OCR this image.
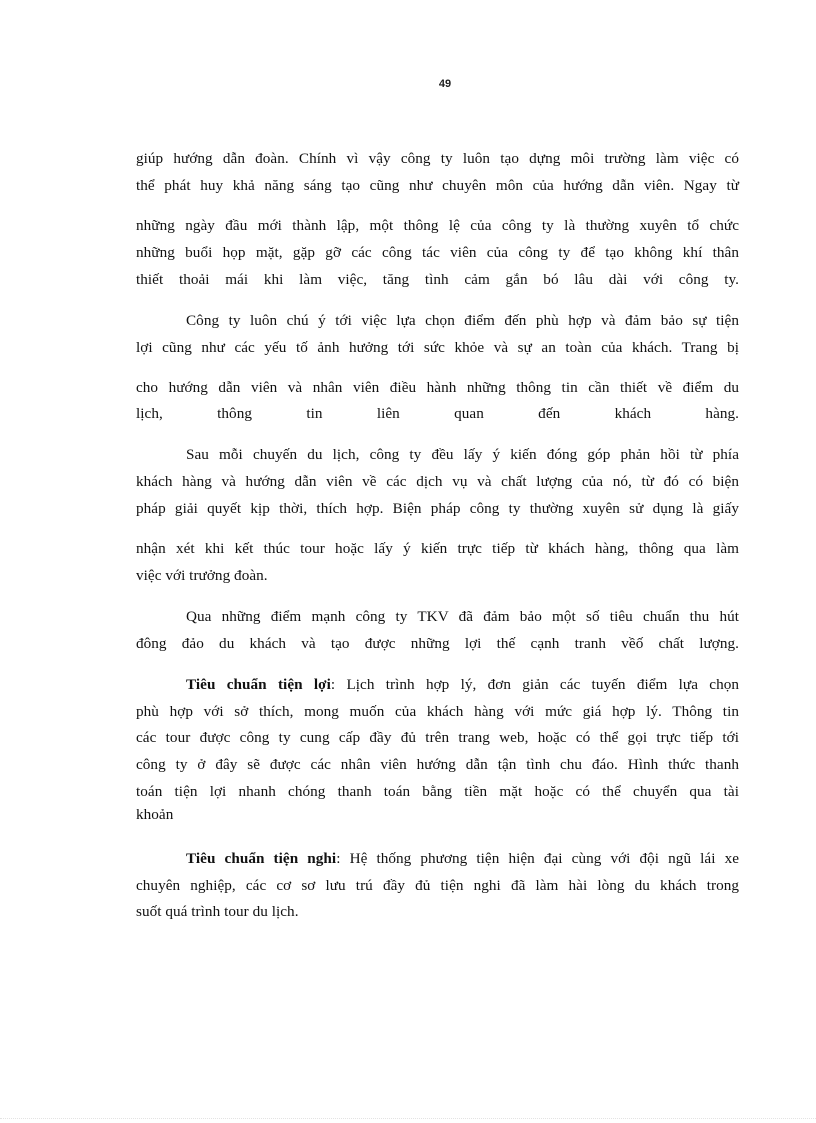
49
giúp hướng dẫn đoàn. Chính vì vậy công ty luôn tạo dựng môi trường làm việc có
thể phát huy khả năng sáng tạo cũng như chuyên môn của hướng dẫn viên. Ngay từ
những ngày đầu mới thành lập, một thông lệ của công ty là thường xuyên tổ chức
những buổi họp mặt, gặp gỡ các công tác viên của công ty để tạo không khí thân
thiết thoải mái khi làm việc, tăng tình cảm gắn bó lâu dài với công ty.
Công ty luôn chú ý tới việc lựa chọn điểm đến phù hợp và đảm bảo sự tiện
lợi cũng như các yếu tố ảnh hưởng tới sức khỏe và sự an toàn của khách. Trang bị
cho hướng dẫn viên và nhân viên điều hành những thông tin cần thiết về điểm du
lịch, thông tin liên quan đến khách hàng.
Sau mỗi chuyến du lịch, công ty đều lấy ý kiến đóng góp phản hồi từ phía
khách hàng và hướng dẫn viên về các dịch vụ và chất lượng của nó, từ đó có biện
pháp giải quyết kịp thời, thích hợp. Biện pháp công ty thường xuyên sử dụng là giấy
nhận xét khi kết thúc tour hoặc lấy ý kiến trực tiếp từ khách hàng, thông qua làm
việc với trưởng đoàn.
Qua những điểm mạnh công ty TKV đã đảm bảo một số tiêu chuẩn thu hút
đông đảo du khách và tạo được những lợi thế cạnh tranh vềố chất lượng.
Tiêu chuẩn tiện lợi: Lịch trình hợp lý, đơn giản các tuyến điểm lựa chọn
phù hợp với sở thích, mong muốn của khách hàng với mức giá hợp lý. Thông tin
các tour được công ty cung cấp đầy đủ trên trang web, hoặc có thể gọi trực tiếp tới
công ty ở đây sẽ được các nhân viên hướng dẫn tận tình chu đáo. Hình thức thanh
toán tiện lợi nhanh chóng thanh toán bằng tiền mặt hoặc có thể chuyển qua tài
khoản
Tiêu chuẩn tiện nghi: Hệ thống phương tiện hiện đại cùng với đội ngũ lái xe
chuyên nghiệp, các cơ sơ lưu trú đầy đủ tiện nghi đã làm hài lòng du khách trong
suốt quá trình tour du lịch.
